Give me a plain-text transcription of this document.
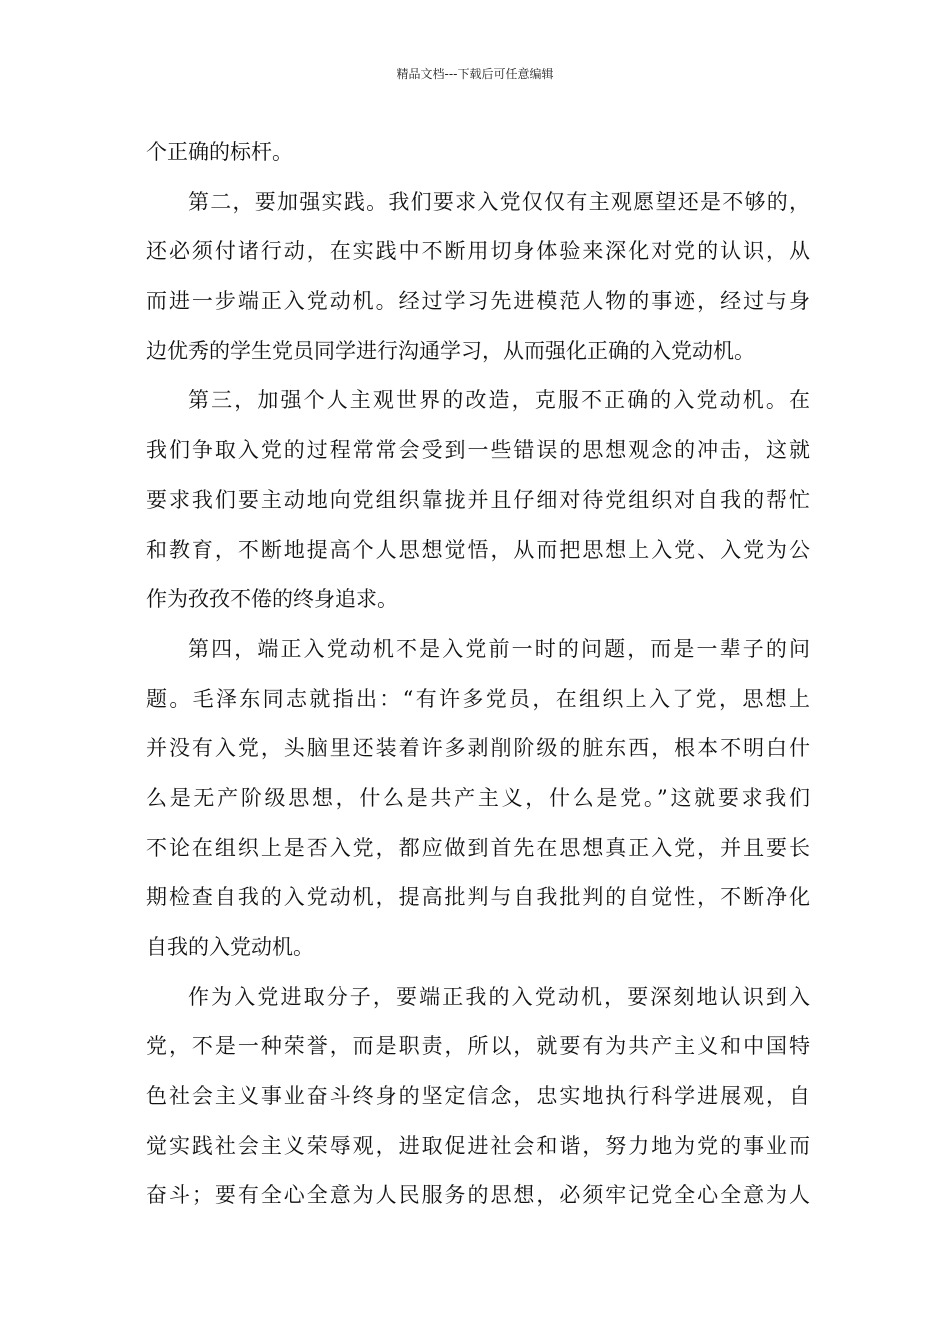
精品文档---下载后可任意编辑
个正确的标杆。
第二，要加强实践。我们要求入党仅仅有主观愿望还是不够的，
还必须付诸行动，在实践中不断用切身体验来深化对党的认识，从
而进一步端正入党动机。经过学习先进模范人物的事迹，经过与身
边优秀的学生党员同学进行沟通学习，从而强化正确的入党动机。
第三，加强个人主观世界的改造，克服不正确的入党动机。在
我们争取入党的过程常常会受到一些错误的思想观念的冲击，这就
要求我们要主动地向党组织靠拢并且仔细对待党组织对自我的帮忙
和教育，不断地提高个人思想觉悟，从而把思想上入党、入党为公
作为孜孜不倦的终身追求。
第四，端正入党动机不是入党前一时的问题，而是一辈子的问
题。毛泽东同志就指出：“有许多党员，在组织上入了党，思想上
并没有入党，头脑里还装着许多剥削阶级的脏东西，根本不明白什
么是无产阶级思想，什么是共产主义，什么是党。”这就要求我们
不论在组织上是否入党，都应做到首先在思想真正入党，并且要长
期检查自我的入党动机，提高批判与自我批判的自觉性，不断净化
自我的入党动机。
作为入党进取分子，要端正我的入党动机，要深刻地认识到入
党，不是一种荣誉，而是职责，所以，就要有为共产主义和中国特
色社会主义事业奋斗终身的坚定信念，忠实地执行科学进展观，自
觉实践社会主义荣辱观，进取促进社会和谐，努力地为党的事业而
奋斗；要有全心全意为人民服务的思想，必须牢记党全心全意为人
